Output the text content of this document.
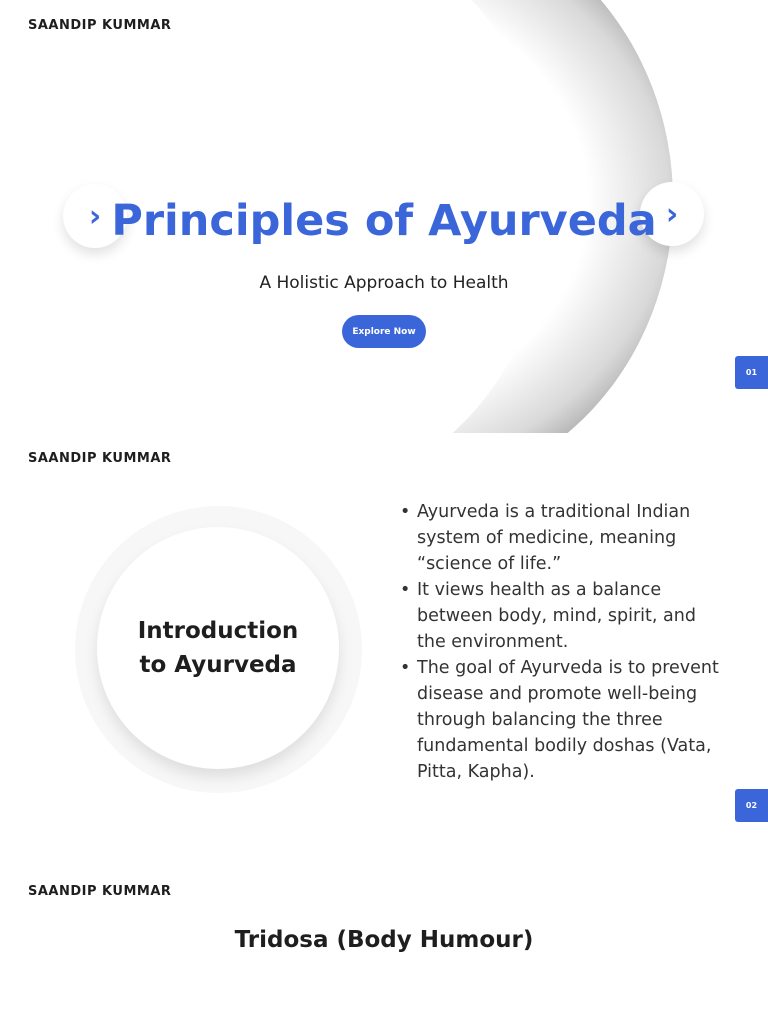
SAANDIP KUMMAR
›	›
Principles of Ayurveda
A Holistic Approach to Health
Explore Now
01
SAANDIP KUMMAR
Introduction to Ayurveda
• Ayurveda is a traditional Indian system of medicine, meaning “science of life.”
• It views health as a balance between body, mind, spirit, and the environment.
• The goal of Ayurveda is to prevent disease and promote well-being through balancing the three fundamental bodily doshas (Vata, Pitta, Kapha).
02
SAANDIP KUMMAR
Tridosa (Body Humour)
